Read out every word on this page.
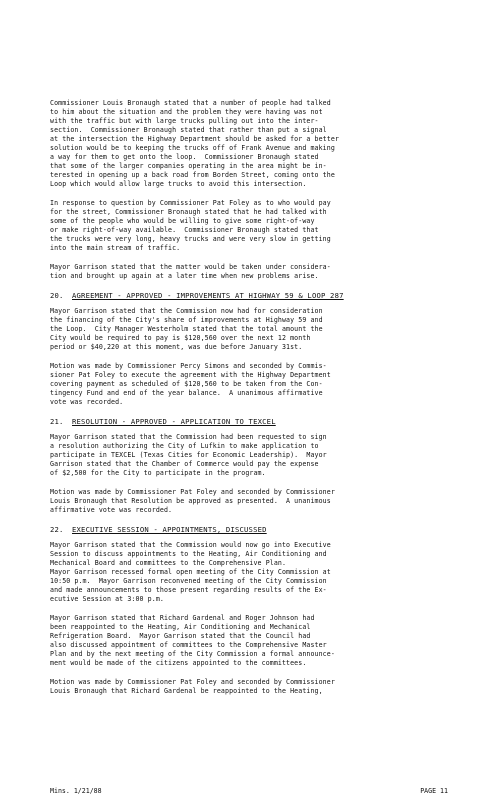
Commissioner Louis Bronaugh stated that a number of people had talked
to him about the situation and the problem they were having was not
with the traffic but with large trucks pulling out into the inter-
section.  Commissioner Bronaugh stated that rather than put a signal
at the intersection the Highway Department should be asked for a better
solution would be to keeping the trucks off of Frank Avenue and making
a way for them to get onto the loop.  Commissioner Bronaugh stated
that some of the larger companies operating in the area might be in-
terested in opening up a back road from Borden Street, coming onto the
Loop which would allow large trucks to avoid this intersection.

In response to question by Commissioner Pat Foley as to who would pay
for the street, Commissioner Bronaugh stated that he had talked with
some of the people who would be willing to give some right-of-way
or make right-of-way available.  Commissioner Bronaugh stated that
the trucks were very long, heavy trucks and were very slow in getting
into the main stream of traffic.

Mayor Garrison stated that the matter would be taken under considera-
tion and brought up again at a later time when new problems arise.

20. AGREEMENT - APPROVED - IMPROVEMENTS AT HIGHWAY 59 & LOOP 287

Mayor Garrison stated that the Commission now had for consideration
the financing of the City's share of improvements at Highway 59 and
the Loop.  City Manager Westerholm stated that the total amount the
City would be required to pay is $120,560 over the next 12 month
period or $40,220 at this moment, was due before January 31st.

Motion was made by Commissioner Percy Simons and seconded by Commis-
sioner Pat Foley to execute the agreement with the Highway Department
covering payment as scheduled of $120,560 to be taken from the Con-
tingency Fund and end of the year balance.  A unanimous affirmative
vote was recorded.

21. RESOLUTION - APPROVED - APPLICATION TO TEXCEL

Mayor Garrison stated that the Commission had been requested to sign
a resolution authorizing the City of Lufkin to make application to
participate in TEXCEL (Texas Cities for Economic Leadership).  Mayor
Garrison stated that the Chamber of Commerce would pay the expense
of $2,500 for the City to participate in the program.

Motion was made by Commissioner Pat Foley and seconded by Commissioner
Louis Bronaugh that Resolution be approved as presented.  A unanimous
affirmative vote was recorded.

22. EXECUTIVE SESSION - APPOINTMENTS, DISCUSSED

Mayor Garrison stated that the Commission would now go into Executive
Session to discuss appointments to the Heating, Air Conditioning and
Mechanical Board and committees to the Comprehensive Plan.
Mayor Garrison recessed formal open meeting of the City Commission at
10:50 p.m.  Mayor Garrison reconvened meeting of the City Commission
and made announcements to those present regarding results of the Ex-
ecutive Session at 3:00 p.m.

Mayor Garrison stated that Richard Gardenal and Roger Johnson had
been reappointed to the Heating, Air Conditioning and Mechanical
Refrigeration Board.  Mayor Garrison stated that the Council had
also discussed appointment of committees to the Comprehensive Master
Plan and by the next meeting of the City Commission a formal announce-
ment would be made of the citizens appointed to the committees.

Motion was made by Commissioner Pat Foley and seconded by Commissioner
Louis Bronaugh that Richard Gardenal be reappointed to the Heating,

Mins. 1/21/88	PAGE 11
